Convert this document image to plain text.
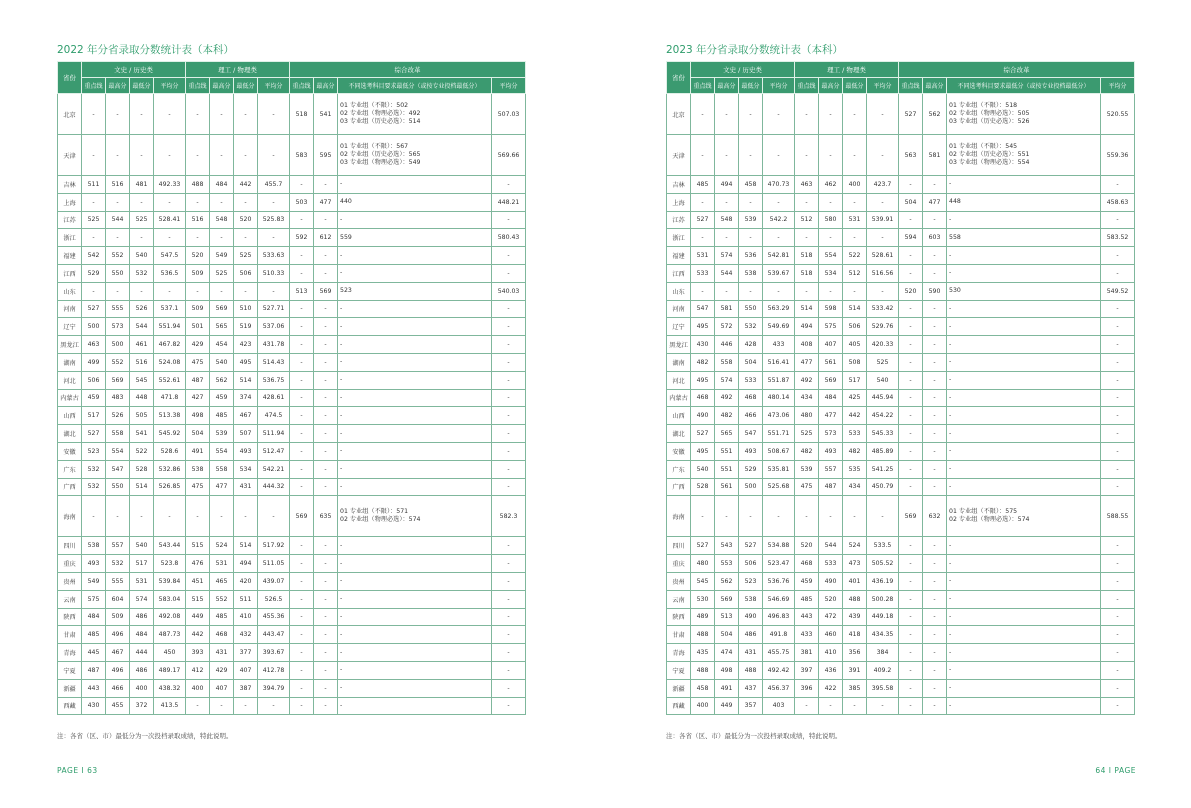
2022 年分省录取分数统计表（本科）
省份	文史 / 历史类				理工 / 物理类				综合改革			
	重点线	最高分	最低分	平均分	重点线	最高分	最低分	平均分	重点线	最高分	不同选考科目要求最低分（或按专业投档最低分）	平均分
北京	-	-	-	-	-	-	-	-	518	541	01 专业组（不限）：502
02 专业组（物理必选）：492
03 专业组（历史必选）：514	507.03
天津	-	-	-	-	-	-	-	-	583	595	01 专业组（不限）：567
02 专业组（历史必选）：565
03 专业组（物理必选）：549	569.66
吉林	511	516	481	492.33	488	484	442	455.7	-	-	-	-
上海	-	-	-	-	-	-	-	-	503	477	440	448.21
江苏	525	544	525	528.41	516	548	520	525.83	-	-	-	-
浙江	-	-	-	-	-	-	-	-	592	612	559	580.43
福建	542	552	540	547.5	520	549	525	533.63	-	-	-	-
江西	529	550	532	536.5	509	525	506	510.33	-	-	-	-
山东	-	-	-	-	-	-	-	-	513	569	523	540.03
河南	527	555	526	537.1	509	569	510	527.71	-	-	-	-
辽宁	500	573	544	551.94	501	565	519	537.06	-	-	-	-
黑龙江	463	500	461	467.82	429	454	423	431.78	-	-	-	-
湖南	499	552	516	524.08	475	540	495	514.43	-	-	-	-
河北	506	569	545	552.61	487	562	514	536.75	-	-	-	-
内蒙古	459	483	448	471.8	427	459	374	428.61	-	-	-	-
山西	517	526	505	513.38	498	485	467	474.5	-	-	-	-
湖北	527	558	541	545.92	504	539	507	511.94	-	-	-	-
安徽	523	554	522	528.6	491	554	493	512.47	-	-	-	-
广东	532	547	528	532.86	538	558	534	542.21	-	-	-	-
广西	532	550	514	526.85	475	477	431	444.32	-	-	-	-
海南	-	-	-	-	-	-	-	-	569	635	01 专业组（不限）：571
02 专业组（物理必选）：574	582.3
四川	538	557	540	543.44	515	524	514	517.92	-	-	-	-
重庆	493	532	517	523.8	476	531	494	511.05	-	-	-	-
贵州	549	555	531	539.84	451	465	420	439.07	-	-	-	-
云南	575	604	574	583.04	515	552	511	526.5	-	-	-	-
陕西	484	509	486	492.08	449	485	410	455.36	-	-	-	-
甘肃	485	496	484	487.73	442	468	432	443.47	-	-	-	-
青海	445	467	444	450	393	431	377	393.67	-	-	-	-
宁夏	487	496	486	489.17	412	429	407	412.78	-	-	-	-
新疆	443	466	400	438.32	400	407	387	394.79	-	-	-	-
西藏	430	455	372	413.5	-	-	-	-	-	-	-	-
注：各省（区、市）最低分为一次投档录取成绩，特此说明。
PAGE I 63
2023 年分省录取分数统计表（本科）
省份	文史 / 历史类				理工 / 物理类				综合改革			
	重点线	最高分	最低分	平均分	重点线	最高分	最低分	平均分	重点线	最高分	不同选考科目要求最低分（或按专业投档最低分）	平均分
北京	-	-	-	-	-	-	-	-	527	562	01 专业组（不限）：518
02 专业组（物理必选）：505
03 专业组（历史必选）：526	520.55
天津	-	-	-	-	-	-	-	-	563	581	01 专业组（不限）：545
02 专业组（历史必选）：551
03 专业组（物理必选）：554	559.36
吉林	485	494	458	470.73	463	462	400	423.7	-	-	-	-
上海	-	-	-	-	-	-	-	-	504	477	448	458.63
江苏	527	548	539	542.2	512	580	531	539.91	-	-	-	-
浙江	-	-	-	-	-	-	-	-	594	603	558	583.52
福建	531	574	536	542.81	518	554	522	528.61	-	-	-	-
江西	533	544	538	539.67	518	534	512	516.56	-	-	-	-
山东	-	-	-	-	-	-	-	-	520	590	530	549.52
河南	547	581	550	563.29	514	598	514	533.42	-	-	-	-
辽宁	495	572	532	549.69	494	575	506	529.76	-	-	-	-
黑龙江	430	446	428	433	408	407	405	420.33	-	-	-	-
湖南	482	558	504	516.41	477	561	508	525	-	-	-	-
河北	495	574	533	551.87	492	569	517	540	-	-	-	-
内蒙古	468	492	468	480.14	434	484	425	445.94	-	-	-	-
山西	490	482	466	473.06	480	477	442	454.22	-	-	-	-
湖北	527	565	547	551.71	525	573	533	545.33	-	-	-	-
安徽	495	551	493	508.67	482	493	482	485.89	-	-	-	-
广东	540	551	529	535.81	539	557	535	541.25	-	-	-	-
广西	528	561	500	525.68	475	487	434	450.79	-	-	-	-
海南	-	-	-	-	-	-	-	-	569	632	01 专业组（不限）：575
02 专业组（物理必选）：574	588.55
四川	527	543	527	534.88	520	544	524	533.5	-	-	-	-
重庆	480	553	506	523.47	468	533	473	505.52	-	-	-	-
贵州	545	562	523	536.76	459	490	401	436.19	-	-	-	-
云南	530	569	538	546.69	485	520	488	500.28	-	-	-	-
陕西	489	513	490	496.83	443	472	439	449.18	-	-	-	-
甘肃	488	504	486	491.8	433	460	418	434.35	-	-	-	-
青海	435	474	431	455.75	381	410	356	384	-	-	-	-
宁夏	488	498	488	492.42	397	436	391	409.2	-	-	-	-
新疆	458	491	437	456.37	396	422	385	395.58	-	-	-	-
西藏	400	449	357	403	-	-	-	-	-	-	-	-
注：各省（区、市）最低分为一次投档录取成绩，特此说明。
64 I PAGE
